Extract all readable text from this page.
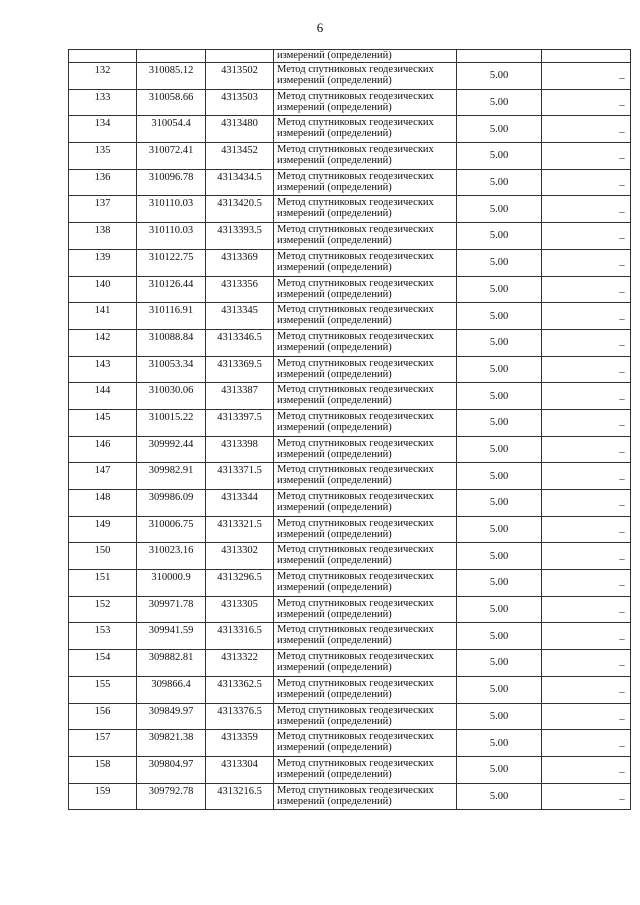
6
			измерений (определений)		
132	310085.12	4313502	Метод спутниковых геодезических измерений (определений)	5.00	–
133	310058.66	4313503	Метод спутниковых геодезических измерений (определений)	5.00	–
134	310054.4	4313480	Метод спутниковых геодезических измерений (определений)	5.00	–
135	310072.41	4313452	Метод спутниковых геодезических измерений (определений)	5.00	–
136	310096.78	4313434.5	Метод спутниковых геодезических измерений (определений)	5.00	–
137	310110.03	4313420.5	Метод спутниковых геодезических измерений (определений)	5.00	–
138	310110.03	4313393.5	Метод спутниковых геодезических измерений (определений)	5.00	–
139	310122.75	4313369	Метод спутниковых геодезических измерений (определений)	5.00	–
140	310126.44	4313356	Метод спутниковых геодезических измерений (определений)	5.00	–
141	310116.91	4313345	Метод спутниковых геодезических измерений (определений)	5.00	–
142	310088.84	4313346.5	Метод спутниковых геодезических измерений (определений)	5.00	–
143	310053.34	4313369.5	Метод спутниковых геодезических измерений (определений)	5.00	–
144	310030.06	4313387	Метод спутниковых геодезических измерений (определений)	5.00	–
145	310015.22	4313397.5	Метод спутниковых геодезических измерений (определений)	5.00	–
146	309992.44	4313398	Метод спутниковых геодезических измерений (определений)	5.00	–
147	309982.91	4313371.5	Метод спутниковых геодезических измерений (определений)	5.00	–
148	309986.09	4313344	Метод спутниковых геодезических измерений (определений)	5.00	–
149	310006.75	4313321.5	Метод спутниковых геодезических измерений (определений)	5.00	–
150	310023.16	4313302	Метод спутниковых геодезических измерений (определений)	5.00	–
151	310000.9	4313296.5	Метод спутниковых геодезических измерений (определений)	5.00	–
152	309971.78	4313305	Метод спутниковых геодезических измерений (определений)	5.00	–
153	309941.59	4313316.5	Метод спутниковых геодезических измерений (определений)	5.00	–
154	309882.81	4313322	Метод спутниковых геодезических измерений (определений)	5.00	–
155	309866.4	4313362.5	Метод спутниковых геодезических измерений (определений)	5.00	–
156	309849.97	4313376.5	Метод спутниковых геодезических измерений (определений)	5.00	–
157	309821.38	4313359	Метод спутниковых геодезических измерений (определений)	5.00	–
158	309804.97	4313304	Метод спутниковых геодезических измерений (определений)	5.00	–
159	309792.78	4313216.5	Метод спутниковых геодезических измерений (определений)	5.00	–
